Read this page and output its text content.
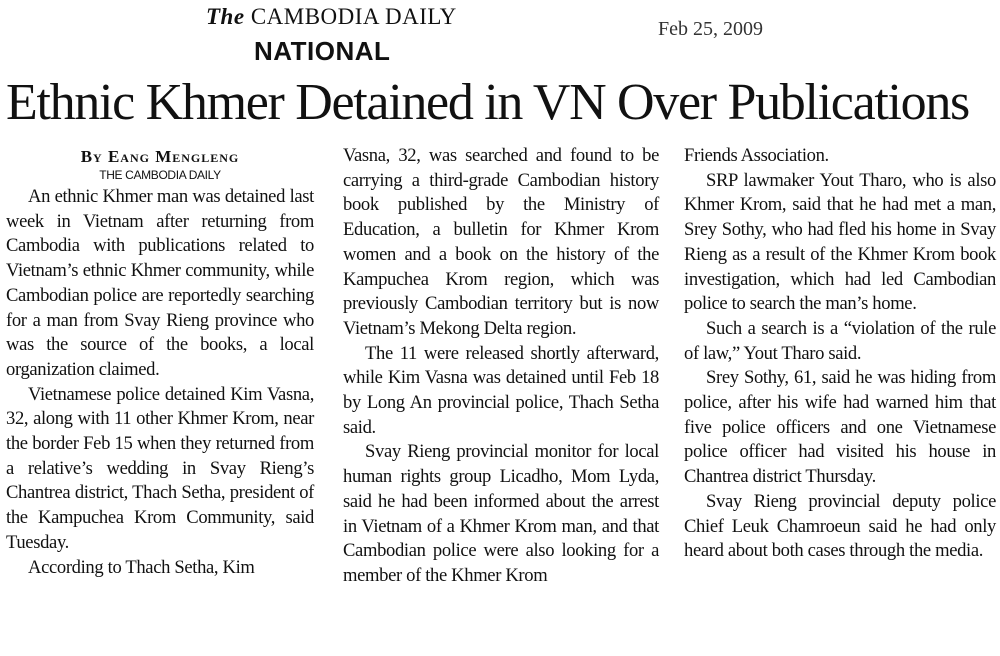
The CAMBODIA DAILY
NATIONAL
Feb 25, 2009
Ethnic Khmer Detained in VN Over Publications
By Eang Mengleng
THE CAMBODIA DAILY

An ethnic Khmer man was detained last week in Vietnam after returning from Cambodia with publications related to Vietnam’s ethnic Khmer community, while Cambodian police are reportedly searching for a man from Svay Rieng province who was the source of the books, a local organization claimed.

Vietnamese police detained Kim Vasna, 32, along with 11 other Khmer Krom, near the border Feb 15 when they returned from a relative’s wedding in Svay Rieng’s Chantrea district, Thach Setha, president of the Kampuchea Krom Community, said Tuesday.

According to Thach Setha, Kim

Vasna, 32, was searched and found to be carrying a third-grade Cambodian history book published by the Ministry of Education, a bulletin for Khmer Krom women and a book on the history of the Kampuchea Krom region, which was previously Cambodian territory but is now Vietnam’s Mekong Delta region.

The 11 were released shortly afterward, while Kim Vasna was detained until Feb 18 by Long An provincial police, Thach Setha said.

Svay Rieng provincial monitor for local human rights group Licadho, Mom Lyda, said he had been informed about the arrest in Vietnam of a Khmer Krom man, and that Cambodian police were also looking for a member of the Khmer Krom

Friends Association.

SRP lawmaker Yout Tharo, who is also Khmer Krom, said that he had met a man, Srey Sothy, who had fled his home in Svay Rieng as a result of the Khmer Krom book investigation, which had led Cambodian police to search the man’s home.

Such a search is a “violation of the rule of law,” Yout Tharo said.

Srey Sothy, 61, said he was hiding from police, after his wife had warned him that five police officers and one Vietnamese police officer had visited his house in Chantrea district Thursday.

Svay Rieng provincial deputy police Chief Leuk Chamroeun said he had only heard about both cases through the media.
